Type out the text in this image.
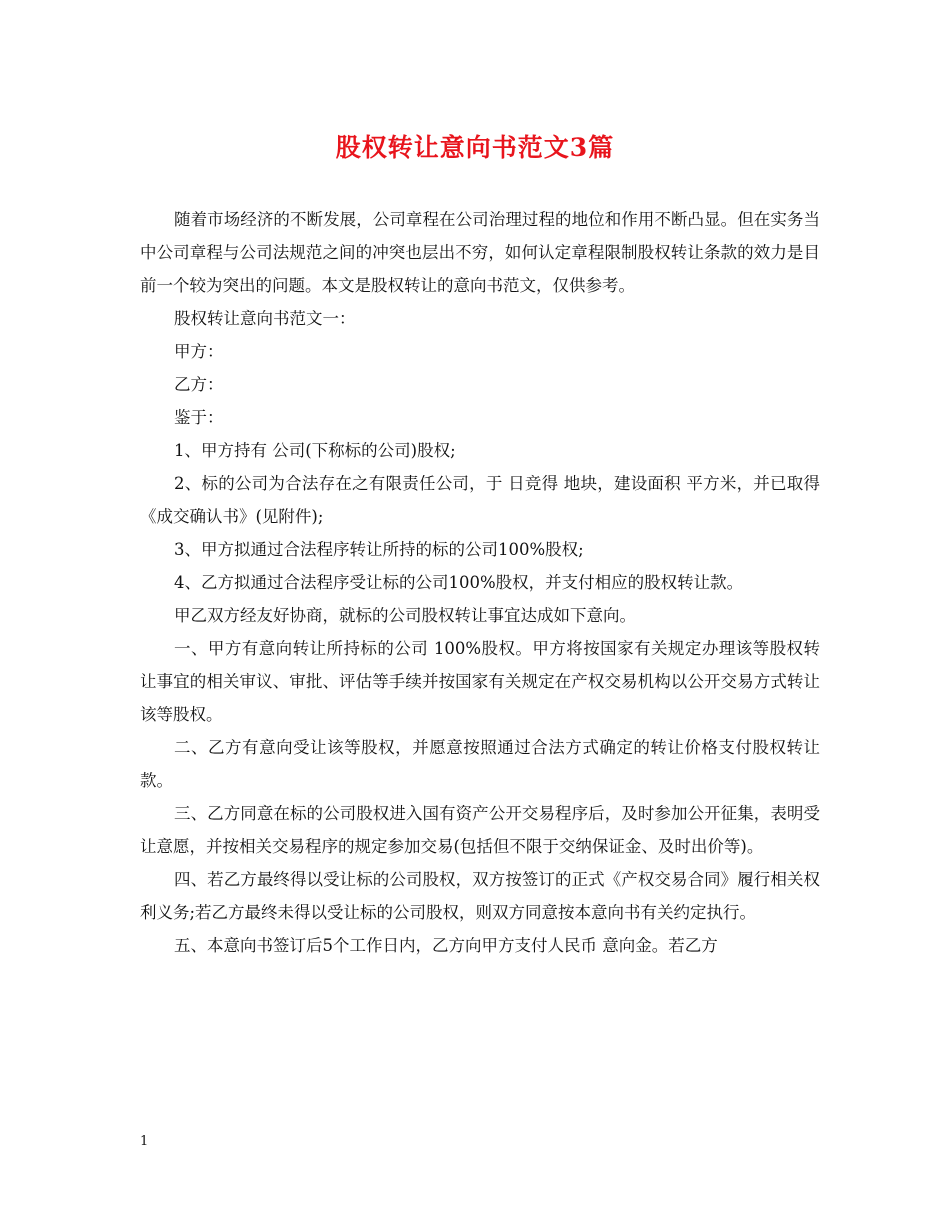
股权转让意向书范文3篇

随着市场经济的不断发展，公司章程在公司治理过程的地位和作用不断凸显。但在实务当中公司章程与公司法规范之间的冲突也层出不穷，如何认定章程限制股权转让条款的效力是目前一个较为突出的问题。本文是股权转让的意向书范文，仅供参考。

股权转让意向书范文一：

甲方：

乙方：

鉴于：

1、甲方持有 公司(下称标的公司)股权;

2、标的公司为合法存在之有限责任公司，于 日竞得 地块，建设面积 平方米，并已取得《成交确认书》(见附件);

3、甲方拟通过合法程序转让所持的标的公司100%股权;

4、乙方拟通过合法程序受让标的公司100%股权，并支付相应的股权转让款。

甲乙双方经友好协商，就标的公司股权转让事宜达成如下意向。

一、甲方有意向转让所持标的公司 100%股权。甲方将按国家有关规定办理该等股权转让事宜的相关审议、审批、评估等手续并按国家有关规定在产权交易机构以公开交易方式转让该等股权。

二、乙方有意向受让该等股权，并愿意按照通过合法方式确定的转让价格支付股权转让款。

三、乙方同意在标的公司股权进入国有资产公开交易程序后，及时参加公开征集，表明受让意愿，并按相关交易程序的规定参加交易(包括但不限于交纳保证金、及时出价等)。

四、若乙方最终得以受让标的公司股权，双方按签订的正式《产权交易合同》履行相关权利义务;若乙方最终未得以受让标的公司股权，则双方同意按本意向书有关约定执行。

五、本意向书签订后5个工作日内，乙方向甲方支付人民币 意向金。若乙方

1
